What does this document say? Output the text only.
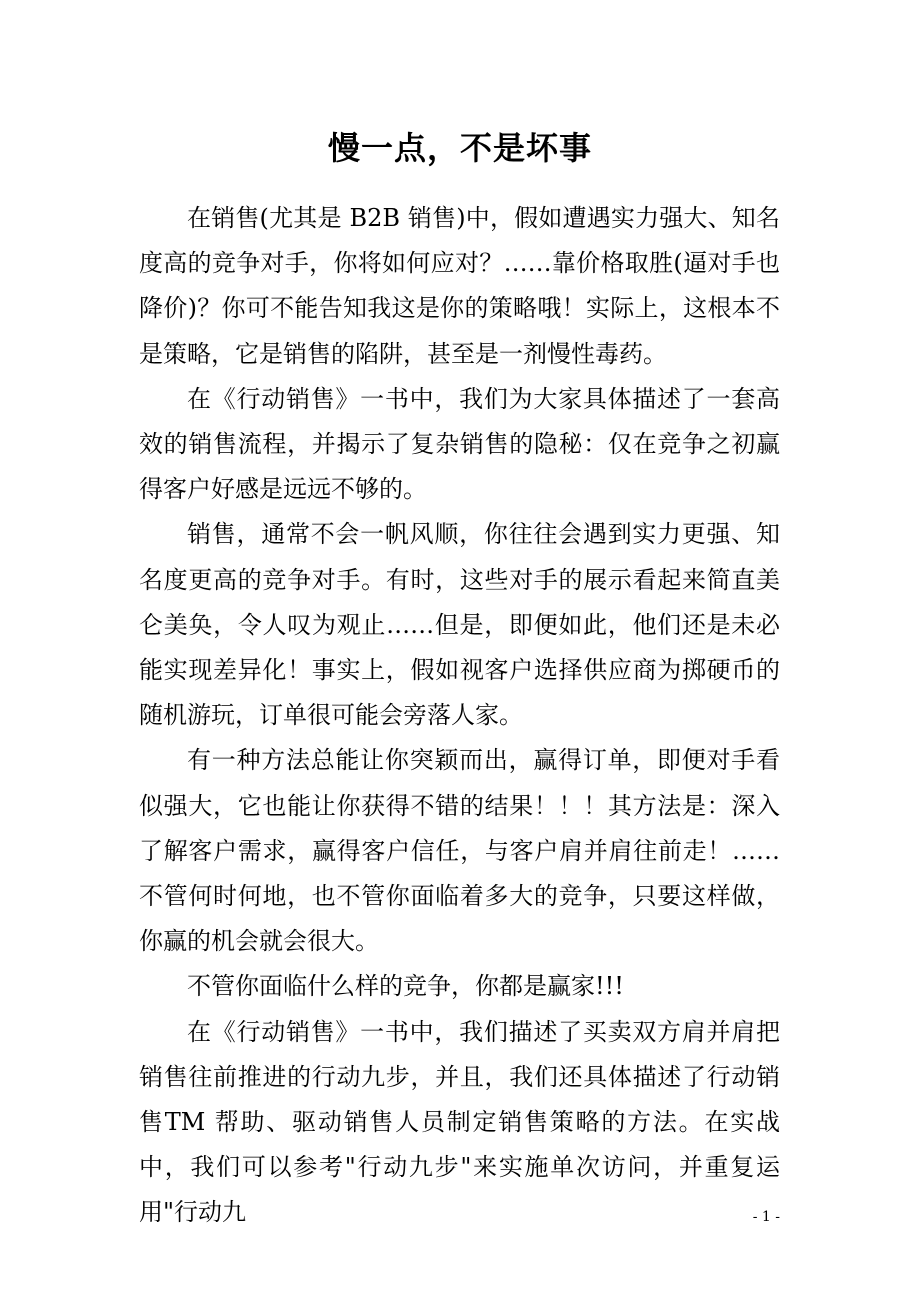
慢一点，不是坏事

在销售(尤其是 B2B 销售)中，假如遭遇实力强大、知名度高的竞争对手，你将如何应对？……靠价格取胜(逼对手也降价)？你可不能告知我这是你的策略哦！实际上，这根本不是策略，它是销售的陷阱，甚至是一剂慢性毒药。

在《行动销售》一书中，我们为大家具体描述了一套高效的销售流程，并揭示了复杂销售的隐秘：仅在竞争之初赢得客户好感是远远不够的。

销售，通常不会一帆风顺，你往往会遇到实力更强、知名度更高的竞争对手。有时，这些对手的展示看起来简直美仑美奂，令人叹为观止……但是，即便如此，他们还是未必能实现差异化！事实上，假如视客户选择供应商为掷硬币的随机游玩，订单很可能会旁落人家。

有一种方法总能让你突颖而出，赢得订单，即便对手看似强大，它也能让你获得不错的结果！！！其方法是：深入了解客户需求，赢得客户信任，与客户肩并肩往前走！……不管何时何地，也不管你面临着多大的竞争，只要这样做，你赢的机会就会很大。

不管你面临什么样的竞争，你都是赢家!!!

在《行动销售》一书中，我们描述了买卖双方肩并肩把销售往前推进的行动九步，并且，我们还具体描述了行动销售TM 帮助、驱动销售人员制定销售策略的方法。在实战中，我们可以参考"行动九步"来实施单次访问，并重复运用"行动九	- 1 -
